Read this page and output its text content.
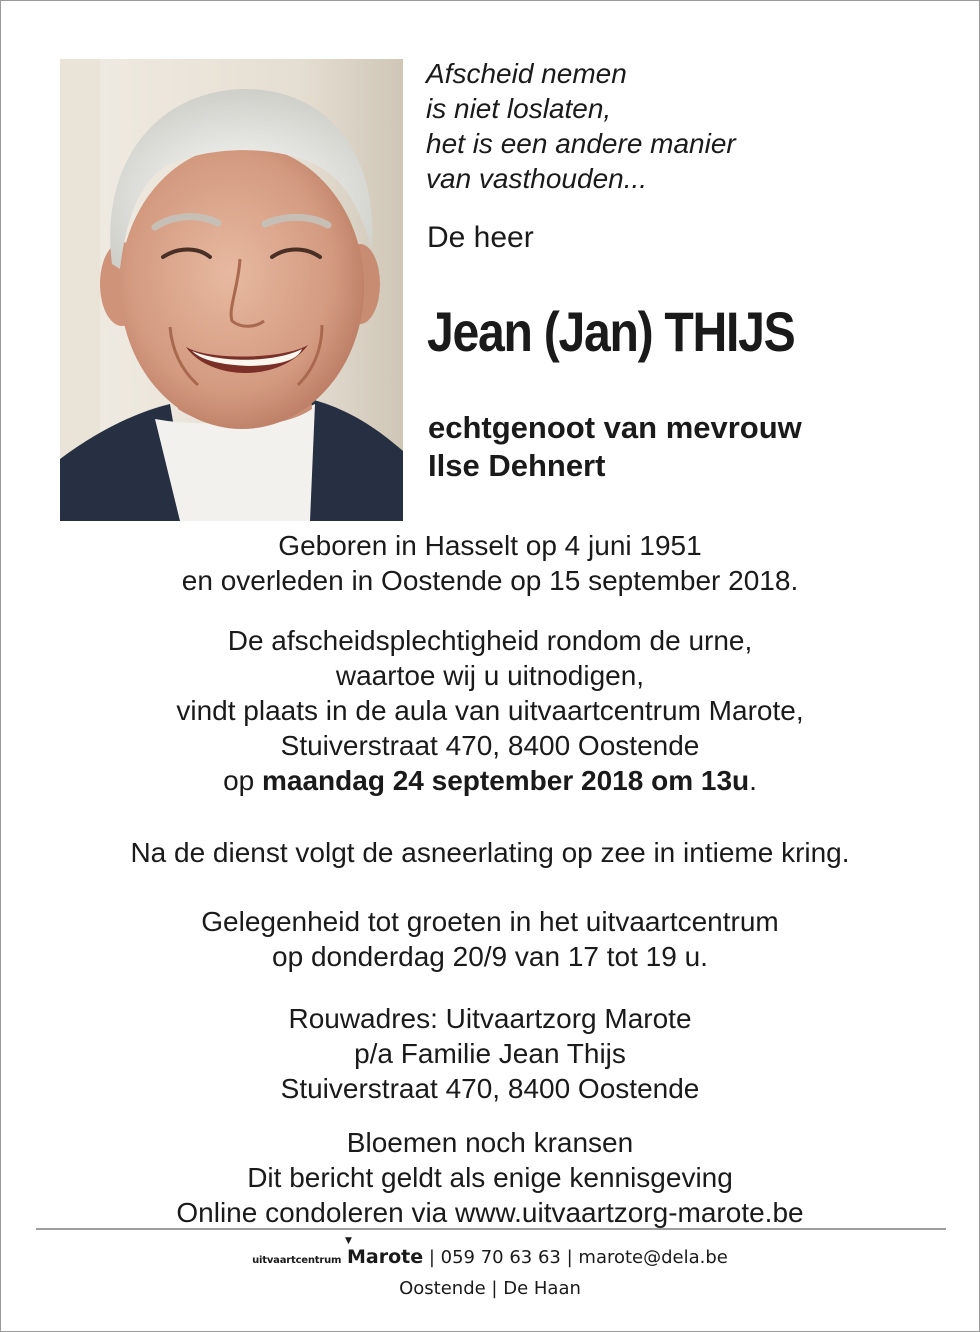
Afscheid nemen
is niet loslaten,
het is een andere manier
van vasthouden...

De heer

Jean (Jan) THIJS

echtgenoot van mevrouw
Ilse Dehnert

Geboren in Hasselt op 4 juni 1951
en overleden in Oostende op 15 september 2018.

De afscheidsplechtigheid rondom de urne,
waartoe wij u uitnodigen,
vindt plaats in de aula van uitvaartcentrum Marote,
Stuiverstraat 470, 8400 Oostende
op maandag 24 september 2018 om 13u.

Na de dienst volgt de asneerlating op zee in intieme kring.

Gelegenheid tot groeten in het uitvaartcentrum
op donderdag 20/9 van 17 tot 19 u.

Rouwadres: Uitvaartzorg Marote
p/a Familie Jean Thijs
Stuiverstraat 470, 8400 Oostende

Bloemen noch kransen
Dit bericht geldt als enige kennisgeving
Online condoleren via www.uitvaartzorg-marote.be

uitvaartcentrum
▼
Marote | 059 70 63 63 | marote@dela.be
Oostende | De Haan
